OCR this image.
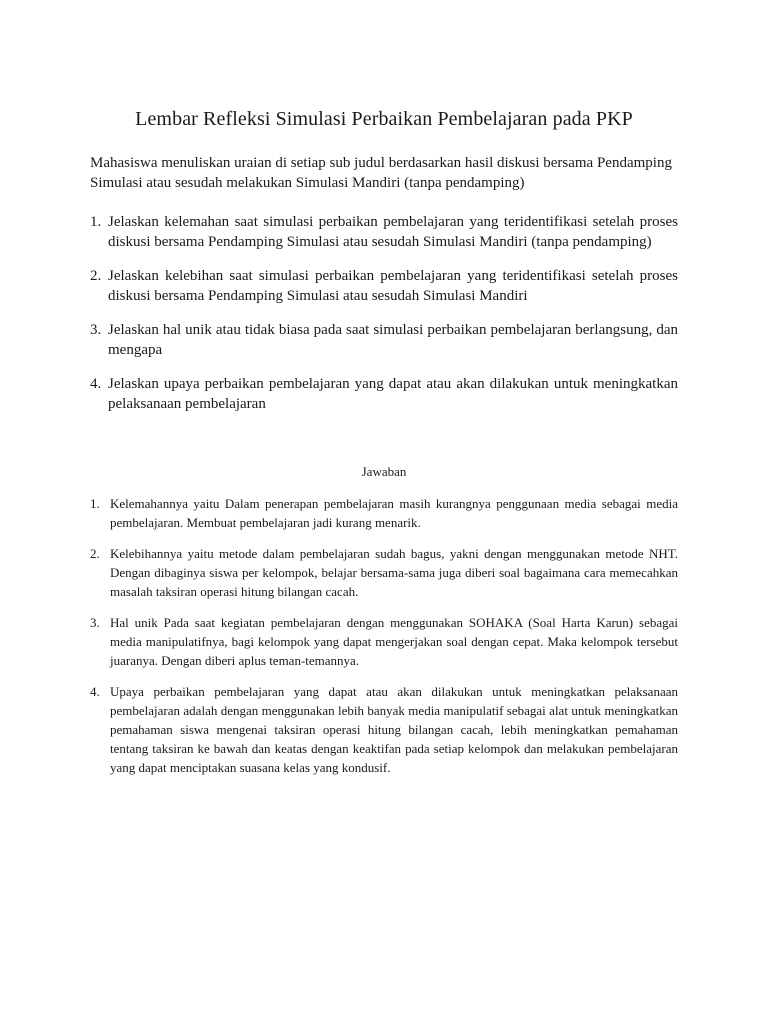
Lembar Refleksi Simulasi Perbaikan Pembelajaran pada PKP

Mahasiswa menuliskan uraian di setiap sub judul berdasarkan hasil diskusi bersama Pendamping Simulasi atau sesudah melakukan Simulasi Mandiri (tanpa pendamping)

1. Jelaskan kelemahan saat simulasi perbaikan pembelajaran yang teridentifikasi setelah proses diskusi bersama Pendamping Simulasi atau sesudah Simulasi Mandiri (tanpa pendamping)
2. Jelaskan kelebihan saat simulasi perbaikan pembelajaran yang teridentifikasi setelah proses diskusi bersama Pendamping Simulasi atau sesudah Simulasi Mandiri
3. Jelaskan hal unik atau tidak biasa pada saat simulasi perbaikan pembelajaran berlangsung, dan mengapa
4. Jelaskan upaya perbaikan pembelajaran yang dapat atau akan dilakukan untuk meningkatkan pelaksanaan pembelajaran
Jawaban
1. Kelemahannya yaitu Dalam penerapan pembelajaran masih kurangnya penggunaan media sebagai media pembelajaran. Membuat pembelajaran jadi kurang menarik.
2. Kelebihannya yaitu metode dalam pembelajaran sudah bagus, yakni dengan menggunakan metode NHT. Dengan dibaginya siswa per kelompok, belajar bersama-sama juga diberi soal bagaimana cara memecahkan masalah taksiran operasi hitung bilangan cacah.
3. Hal unik Pada saat kegiatan pembelajaran dengan menggunakan SOHAKA (Soal Harta Karun) sebagai media manipulatifnya, bagi kelompok yang dapat mengerjakan soal dengan cepat. Maka kelompok tersebut juaranya. Dengan diberi aplus teman-temannya.
4. Upaya perbaikan pembelajaran yang dapat atau akan dilakukan untuk meningkatkan pelaksanaan pembelajaran adalah dengan menggunakan lebih banyak media manipulatif sebagai alat untuk meningkatkan pemahaman siswa mengenai taksiran operasi hitung bilangan cacah, lebih meningkatkan pemahaman tentang taksiran ke bawah dan keatas dengan keaktifan pada setiap kelompok dan melakukan pembelajaran yang dapat menciptakan suasana kelas yang kondusif.
